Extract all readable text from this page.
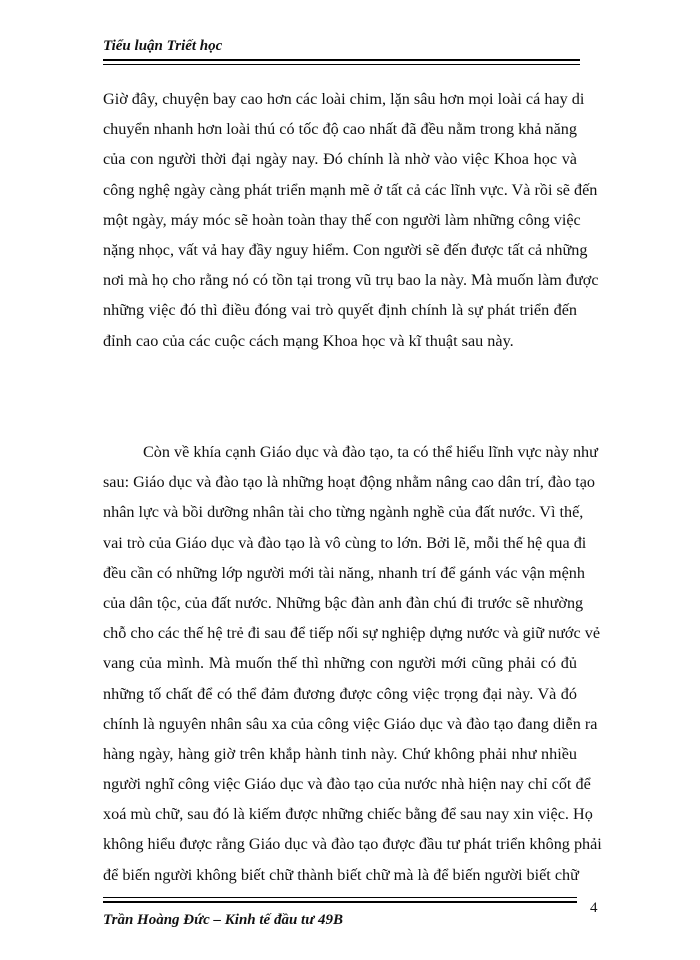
Tiểu luận Triết học
Giờ đây, chuyện bay cao hơn các loài chim, lặn sâu hơn mọi loài cá hay di
chuyển nhanh hơn loài thú có tốc độ cao nhất đã đều nằm trong khả năng
của con người thời đại ngày nay. Đó chính là nhờ vào việc Khoa học và
công nghệ ngày càng phát triển mạnh mẽ ở tất cả các lĩnh vực. Và rồi sẽ đến
một ngày, máy móc sẽ hoàn toàn thay thế con người làm những công việc
nặng nhọc, vất vả hay đầy nguy hiểm. Con người sẽ đến được tất cả những
nơi mà họ cho rằng nó có tồn tại trong vũ trụ bao la này. Mà muốn làm được
những việc đó thì điều đóng vai trò quyết định chính là sự phát triển đến
đỉnh cao của các cuộc cách mạng Khoa học và kĩ thuật sau này.
Còn về khía cạnh Giáo dục và đào tạo, ta có thể hiểu lĩnh vực này như
sau: Giáo dục và đào tạo là những hoạt động nhằm nâng cao dân trí, đào tạo
nhân lực và bồi dưỡng nhân tài cho từng ngành nghề của đất nước. Vì thế,
vai trò của Giáo dục và đào tạo là vô cùng to lớn. Bởi lẽ, mỗi thế hệ qua đi
đều cần có những lớp người mới tài năng, nhanh trí để gánh vác vận mệnh
của dân tộc, của đất nước. Những bậc đàn anh đàn chú đi trước sẽ nhường
chỗ cho các thế hệ trẻ đi sau để tiếp nối sự nghiệp dựng nước và giữ nước vẻ
vang của mình. Mà muốn thế thì những con người mới cũng phải có đủ
những tố chất để có thể đảm đương được công việc trọng đại này. Và đó
chính là nguyên nhân sâu xa của công việc Giáo dục và đào tạo đang diễn ra
hàng ngày, hàng giờ trên khắp hành tinh này. Chứ không phải như nhiều
người nghĩ công việc Giáo dục và đào tạo của nước nhà hiện nay chỉ cốt để
xoá mù chữ, sau đó là kiếm được những chiếc bằng để sau nay xin việc. Họ
không hiểu được rằng Giáo dục và đào tạo được đầu tư phát triển không phải
để biến người không biết chữ thành biết chữ mà là để biến người biết chữ
Trần Hoàng Đức – Kinh tế đầu tư 49B
4
